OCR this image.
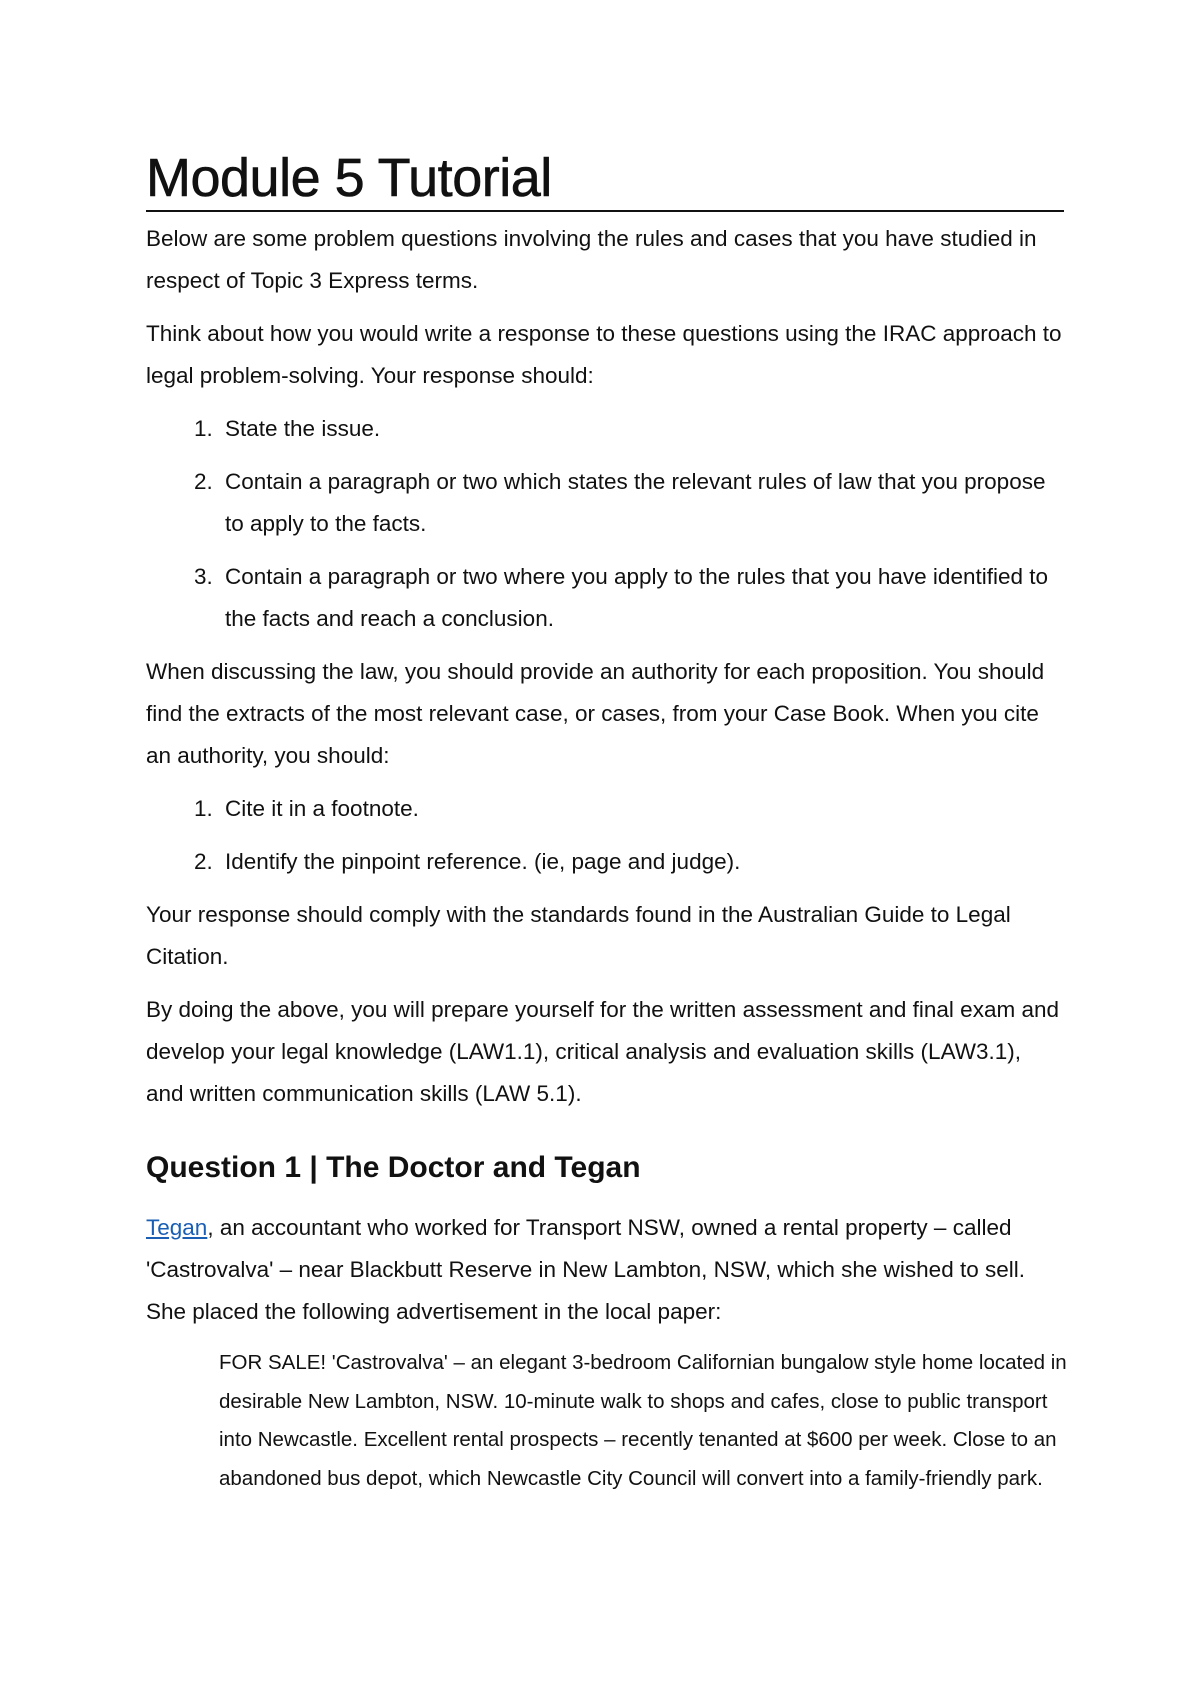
Module 5 Tutorial

Below are some problem questions involving the rules and cases that you have studied in respect of Topic 3 Express terms.

Think about how you would write a response to these questions using the IRAC approach to legal problem-solving. Your response should:

1. State the issue.
2. Contain a paragraph or two which states the relevant rules of law that you propose to apply to the facts.
3. Contain a paragraph or two where you apply to the rules that you have identified to the facts and reach a conclusion.

When discussing the law, you should provide an authority for each proposition. You should find the extracts of the most relevant case, or cases, from your Case Book. When you cite an authority, you should:

1. Cite it in a footnote.
2. Identify the pinpoint reference. (ie, page and judge).

Your response should comply with the standards found in the Australian Guide to Legal Citation.

By doing the above, you will prepare yourself for the written assessment and final exam and develop your legal knowledge (LAW1.1), critical analysis and evaluation skills (LAW3.1), and written communication skills (LAW 5.1).

Question 1 | The Doctor and Tegan

Tegan, an accountant who worked for Transport NSW, owned a rental property – called 'Castrovalva' – near Blackbutt Reserve in New Lambton, NSW, which she wished to sell. She placed the following advertisement in the local paper:

FOR SALE! 'Castrovalva' – an elegant 3-bedroom Californian bungalow style home located in desirable New Lambton, NSW. 10-minute walk to shops and cafes, close to public transport into Newcastle. Excellent rental prospects – recently tenanted at $600 per week. Close to an abandoned bus depot, which Newcastle City Council will convert into a family-friendly park.
